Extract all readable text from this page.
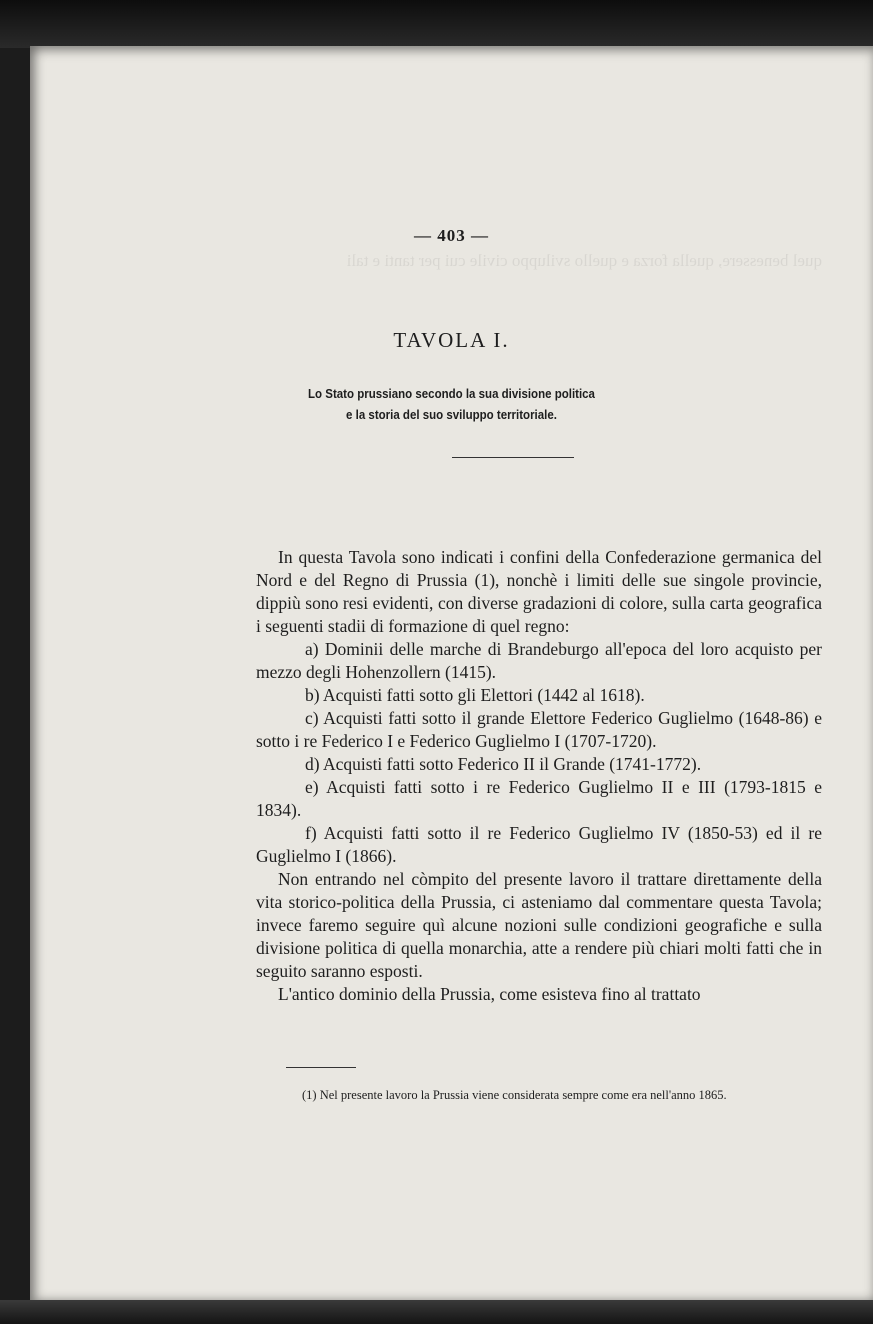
quel benessere, quella forza e quello sviluppo civile cui per tanti e tali
— 403 —
TAVOLA I.
Lo Stato prussiano secondo la sua divisione politica
e la storia del suo sviluppo territoriale.

In questa Tavola sono indicati i confini della Confederazione germanica del Nord e del Regno di Prussia (1), nonchè i limiti delle sue singole provincie, dippiù sono resi evidenti, con diverse gradazioni di colore, sulla carta geografica i seguenti stadii di formazione di quel regno:

a) Dominii delle marche di Brandeburgo all'epoca del loro acquisto per mezzo degli Hohenzollern (1415).

b) Acquisti fatti sotto gli Elettori (1442 al 1618).

c) Acquisti fatti sotto il grande Elettore Federico Guglielmo (1648-86) e sotto i re Federico I e Federico Guglielmo I (1707-1720).

d) Acquisti fatti sotto Federico II il Grande (1741-1772).

e) Acquisti fatti sotto i re Federico Guglielmo II e III (1793-1815 e 1834).

f) Acquisti fatti sotto il re Federico Guglielmo IV (1850-53) ed il re Guglielmo I (1866).

Non entrando nel còmpito del presente lavoro il trattare direttamente della vita storico-politica della Prussia, ci asteniamo dal commentare questa Tavola; invece faremo seguire quì alcune nozioni sulle condizioni geografiche e sulla divisione politica di quella monarchia, atte a rendere più chiari molti fatti che in seguito saranno esposti.

L'antico dominio della Prussia, come esisteva fino al trattato

(1) Nel presente lavoro la Prussia viene considerata sempre come era nell'anno 1865.
